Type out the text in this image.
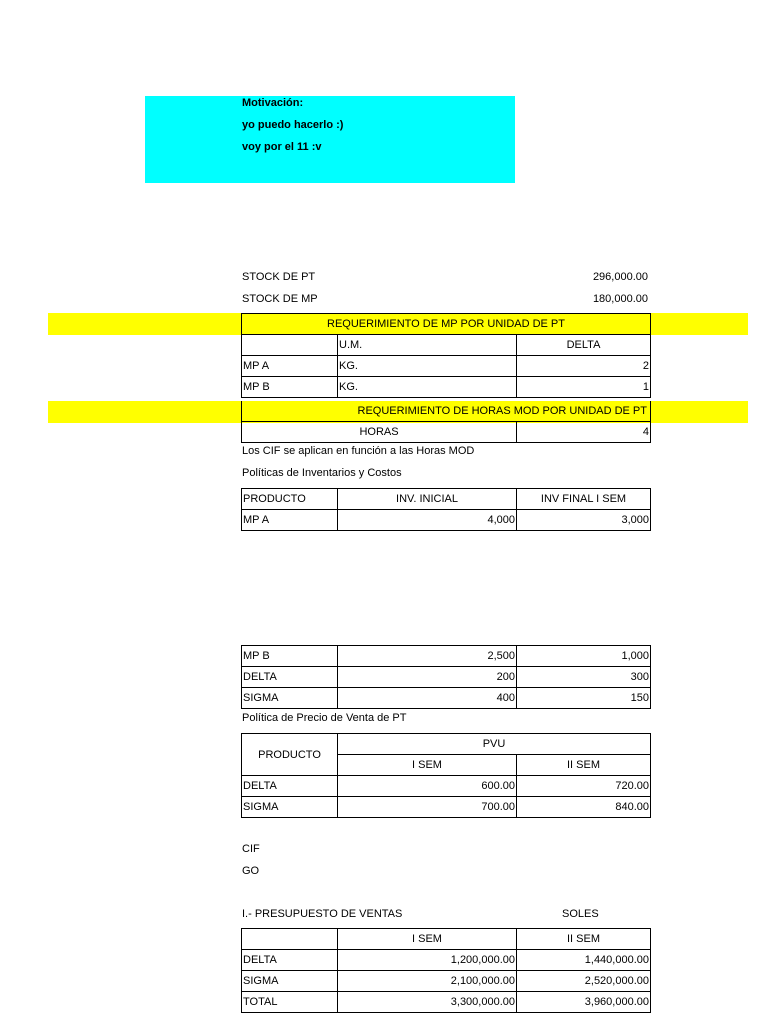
Motivación:
yo puedo hacerlo :)
voy por el 11 :v
STOCK DE PT	296,000.00
STOCK DE MP	180,000.00
REQUERIMIENTO DE MP POR UNIDAD DE PT		
	U.M.	DELTA
MP A	KG.	2
MP B	KG.	1
REQUERIMIENTO DE HORAS MOD POR UNIDAD DE PT
HORAS	4
Los CIF se aplican en función a las Horas MOD
Políticas de Inventarios y Costos
PRODUCTO	INV. INICIAL	INV FINAL I SEM
MP A	4,000	3,000
MP B	2,500	1,000
DELTA	200	300
SIGMA	400	150
Política de Precio de Venta de PT
PRODUCTO	PVU	
	I SEM	II SEM
DELTA	600.00	720.00
SIGMA	700.00	840.00
CIF
GO
I.- PRESUPUESTO DE VENTAS	SOLES
	I SEM	II SEM
DELTA	1,200,000.00	1,440,000.00
SIGMA	2,100,000.00	2,520,000.00
TOTAL	3,300,000.00	3,960,000.00
